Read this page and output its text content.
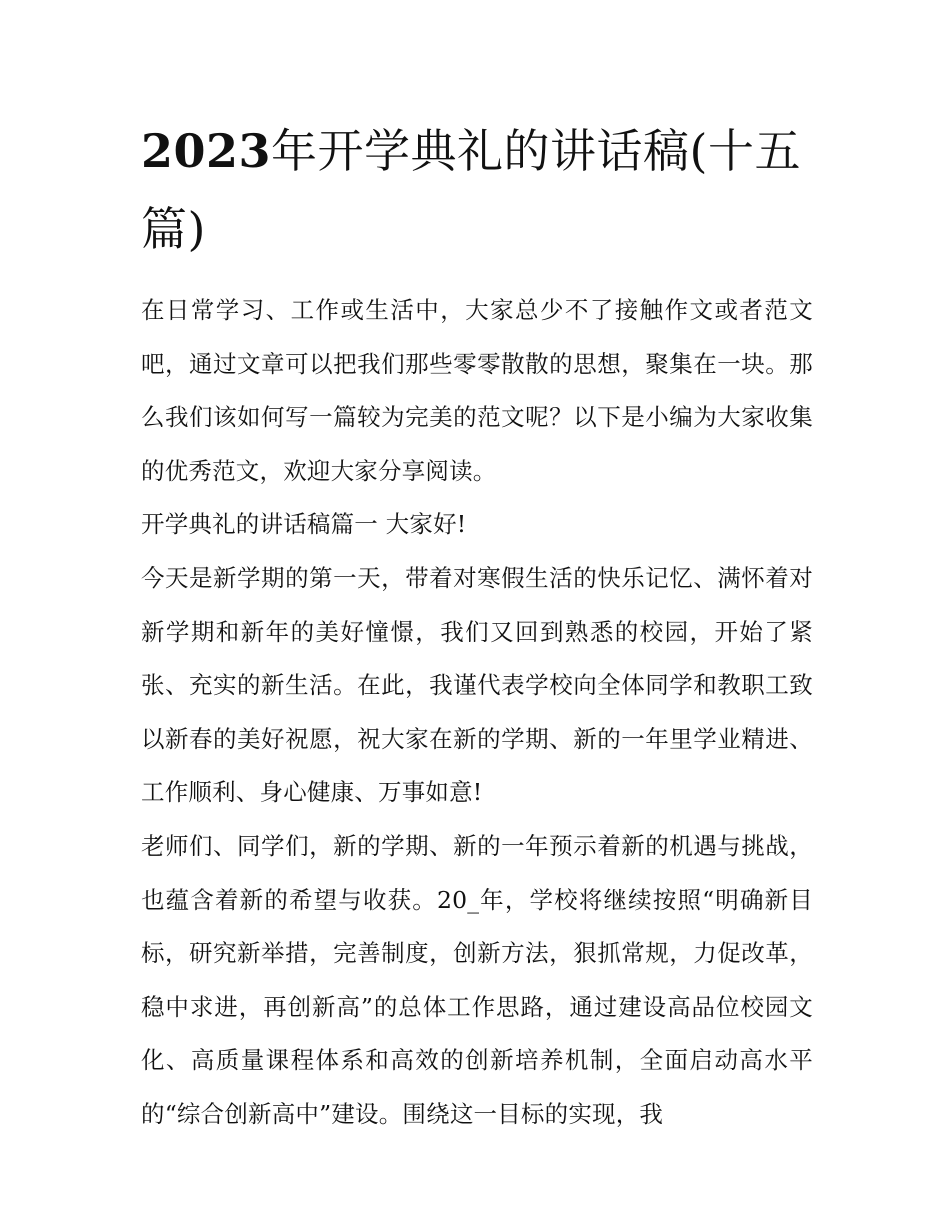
2023年开学典礼的讲话稿(十五篇)

在日常学习、工作或生活中，大家总少不了接触作文或者范文吧，通过文章可以把我们那些零零散散的思想，聚集在一块。那么我们该如何写一篇较为完美的范文呢？以下是小编为大家收集的优秀范文，欢迎大家分享阅读。

开学典礼的讲话稿篇一 大家好!

今天是新学期的第一天，带着对寒假生活的快乐记忆、满怀着对新学期和新年的美好憧憬，我们又回到熟悉的校园，开始了紧张、充实的新生活。在此，我谨代表学校向全体同学和教职工致以新春的美好祝愿，祝大家在新的学期、新的一年里学业精进、工作顺利、身心健康、万事如意!

老师们、同学们，新的学期、新的一年预示着新的机遇与挑战，也蕴含着新的希望与收获。20_年，学校将继续按照“明确新目标，研究新举措，完善制度，创新方法，狠抓常规，力促改革，稳中求进，再创新高”的总体工作思路，通过建设高品位校园文化、高质量课程体系和高效的创新培养机制，全面启动高水平的“综合创新高中”建设。围绕这一目标的实现，我
